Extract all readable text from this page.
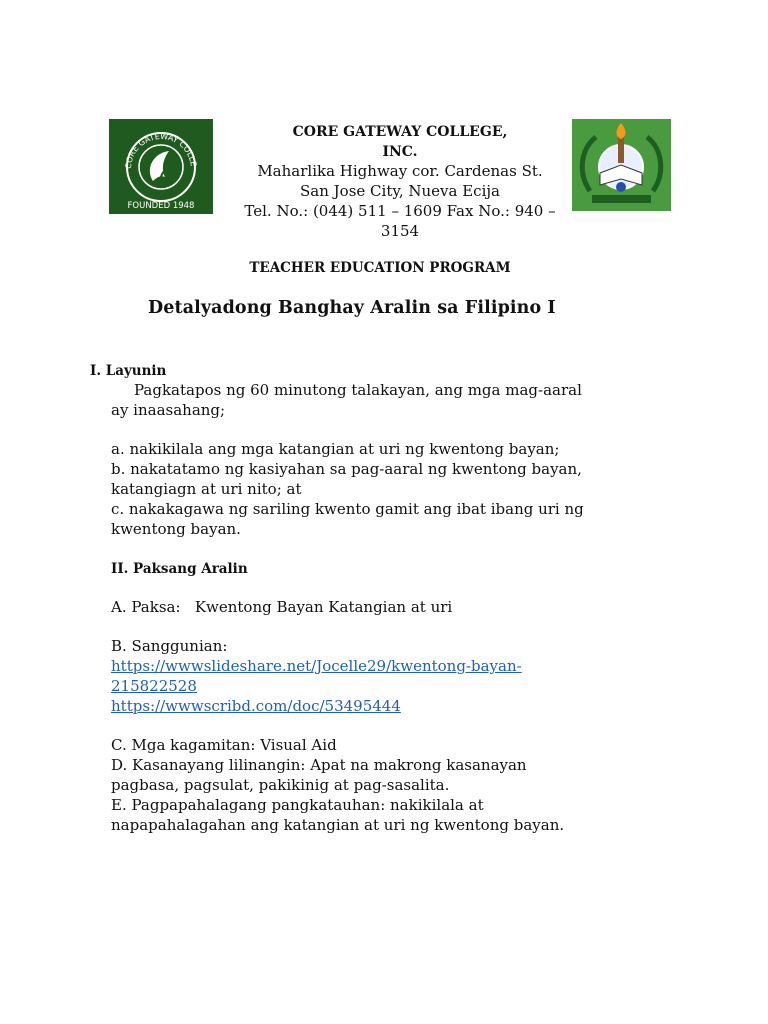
CORE GATEWAY COLLE
FOUNDED 1948
CORE GATEWAY COLLEGE,
INC.
Maharlika Highway cor. Cardenas St.
San Jose City, Nueva Ecija
Tel. No.: (044) 511 – 1609 Fax No.: 940 –
3154
TEACHER EDUCATION PROGRAM
Detalyadong Banghay Aralin sa Filipino I
I. Layunin
Pagkatapos ng 60 minutong talakayan, ang mga mag-aaral
ay inaasahang;
a. nakikilala ang mga katangian at uri ng kwentong bayan;
b. nakatatamo ng kasiyahan sa pag-aaral ng kwentong bayan,
katangiagn at uri nito; at
c. nakakagawa ng sariling kwento gamit ang ibat ibang uri ng
kwentong bayan.
II. Paksang Aralin
A. Paksa:   Kwentong Bayan Katangian at uri
B. Sanggunian:
https://wwwslideshare.net/Jocelle29/kwentong-bayan-
215822528
https://wwwscribd.com/doc/53495444
C. Mga kagamitan: Visual Aid
D. Kasanayang lilinangin: Apat na makrong kasanayan
pagbasa, pagsulat, pakikinig at pag-sasalita.
E. Pagpapahalagang pangkatauhan: nakikilala at
napapahalagahan ang katangian at uri ng kwentong bayan.
